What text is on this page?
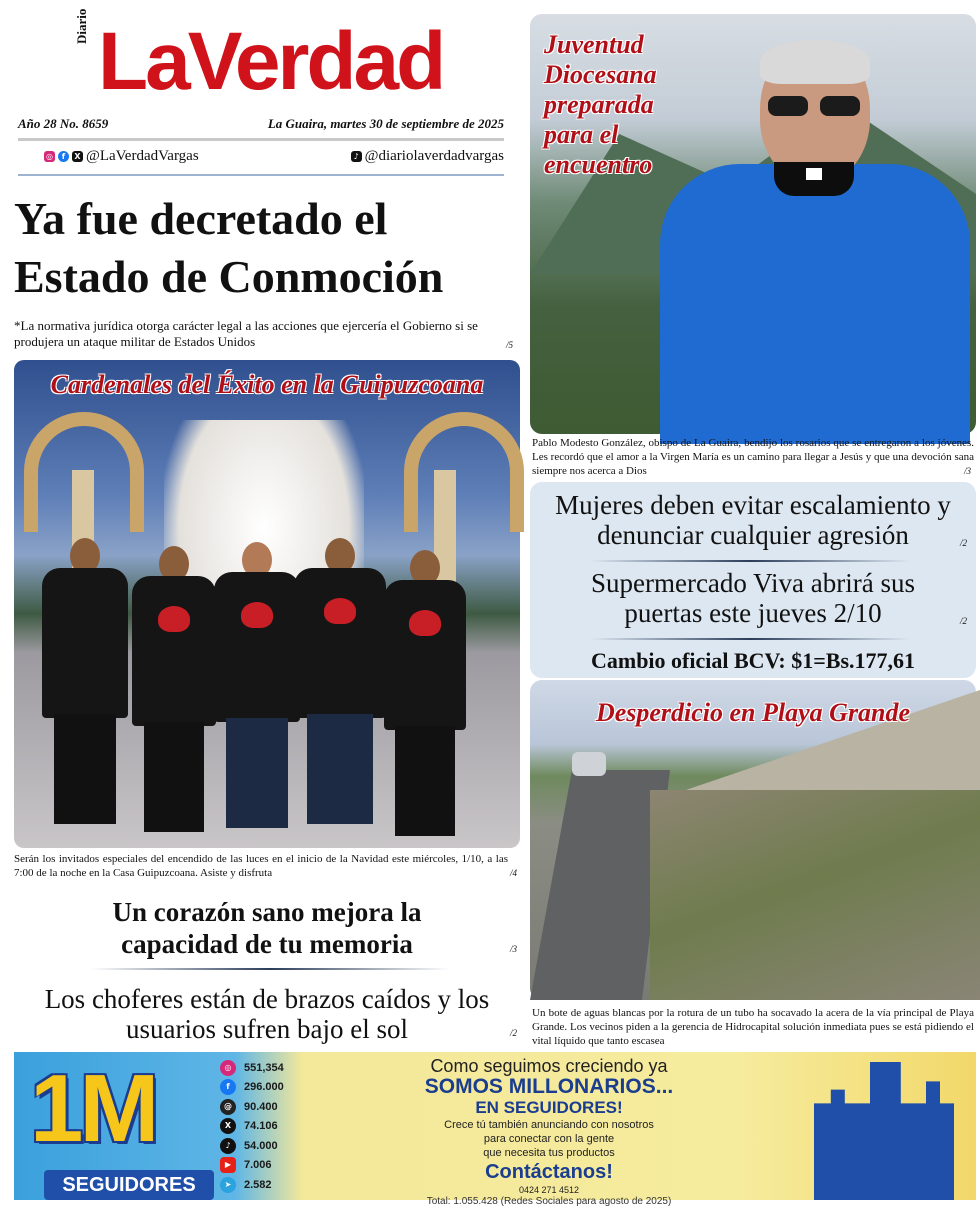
Diario LaVerdad
Año 28 No. 8659	La Guaira, martes 30 de septiembre de 2025
◎	f	X @LaVerdadVargas	♪ @diariolaverdadvargas
Ya fue decretado el Estado de Conmoción

*La normativa jurídica otorga carácter legal a las acciones que ejercería el Gobierno si se produjera un ataque militar de Estados Unidos	/5
Cardenales del Éxito en la Guipuzcoana

Serán los invitados especiales del encendido de las luces en el inicio de la Navidad este miércoles, 1/10, a las 7:00 de la noche en la Casa Guipuzcoana. Asiste y disfruta	/4
Un corazón sano mejora la capacidad de tu memoria	/3
Los choferes están de brazos caídos y los usuarios sufren bajo el sol	/2
Juventud
Diocesana
preparada
para el
encuentro

Pablo Modesto González, obispo de La Guaira, bendijo los rosarios que se entregaron a los jóvenes. Les recordó que el amor a la Virgen María es un camino para llegar a Jesús y que una devoción sana siempre nos acerca a Dios	/3
Mujeres deben evitar escalamiento y denunciar cualquier agresión	/2
Supermercado Viva abrirá sus puertas este jueves 2/10	/2
Cambio oficial BCV: $1=Bs.177,61
Desperdicio en Playa Grande

Un bote de aguas blancas por la rotura de un tubo ha socavado la acera de la vía principal de Playa Grande. Los vecinos piden a la gerencia de Hidrocapital solución inmediata pues se está pidiendo el vital líquido que tanto escasea

1M
SEGUIDORES
◎	551,354
f	296.000
@	90.400
X	74.106
♪	54.000
▶	7.006
➤	2.582
Como seguimos creciendo ya
SOMOS MILLONARIOS...
EN SEGUIDORES!
Crece tú también anunciando con nosotros
para conectar con la gente
que necesita tus productos
Contáctanos!
0424 271 4512
Total: 1.055.428 (Redes Sociales para agosto de 2025)
